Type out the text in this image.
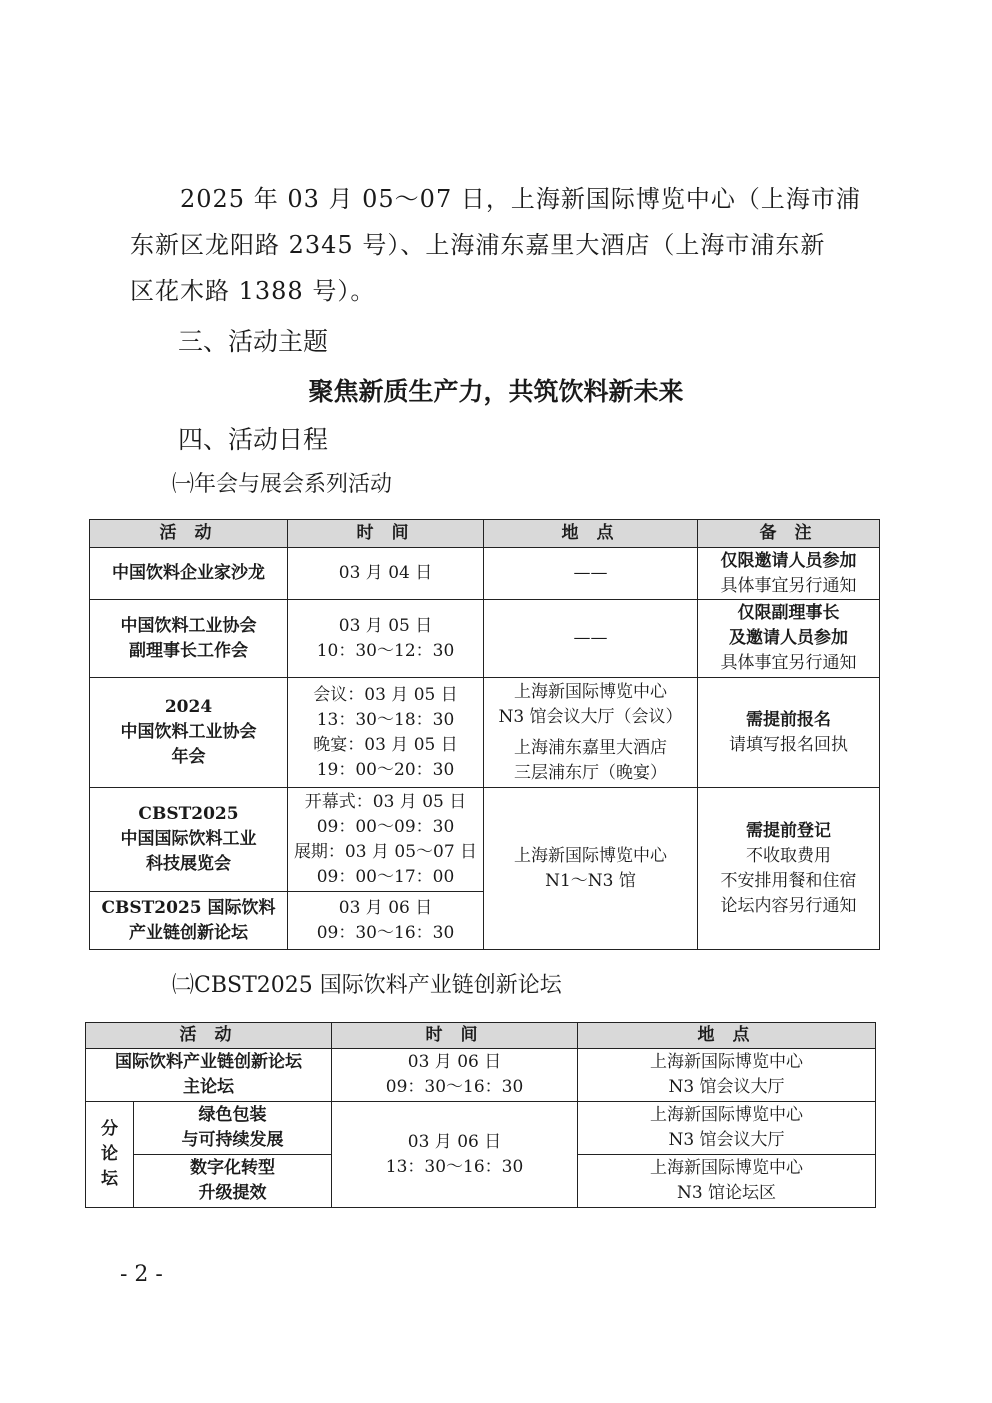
2025 年 03 月 05～07 日，上海新国际博览中心（上海市浦
东新区龙阳路 2345 号）、上海浦东嘉里大酒店（上海市浦东新
区花木路 1388 号）。
三、活动主题
聚焦新质生产力，共筑饮料新未来
四、活动日程
㈠年会与展会系列活动
活 动	时 间	地 点	备 注

中国饮料企业家沙龙	03 月 04 日	——	仅限邀请人员参加
具体事宜另行通知

中国饮料工业协会
副理事长工作会	03 月 05 日
10：30～12：30	——	仅限副理事长
及邀请人员参加
具体事宜另行通知

2024
中国饮料工业协会
年会	会议：03 月 05 日
13：30～18：30
晚宴：03 月 05 日
19：00～20：30	上海新国际博览中心
N3 馆会议大厅（会议）
上海浦东嘉里大酒店
三层浦东厅（晚宴）	需提前报名
请填写报名回执

CBST2025
中国国际饮料工业
科技展览会	开幕式：03 月 05 日
09：00～09：30
展期：03 月 05～07 日
09：00～17：00	上海新国际博览中心
N1～N3 馆	需提前登记
不收取费用
不安排用餐和住宿
论坛内容另行通知

CBST2025 国际饮料
产业链创新论坛	03 月 06 日
09：30～16：30		
㈡CBST2025 国际饮料产业链创新论坛
活 动		时 间	地 点

国际饮料产业链创新论坛
主论坛		03 月 06 日
09：30～16：30	上海新国际博览中心
N3 馆会议大厅

分
论
坛	绿色包装
与可持续发展	03 月 06 日
13：30～16：30	上海新国际博览中心
N3 馆会议大厅

	数字化转型
升级提效		上海新国际博览中心
N3 馆论坛区
- 2 -
